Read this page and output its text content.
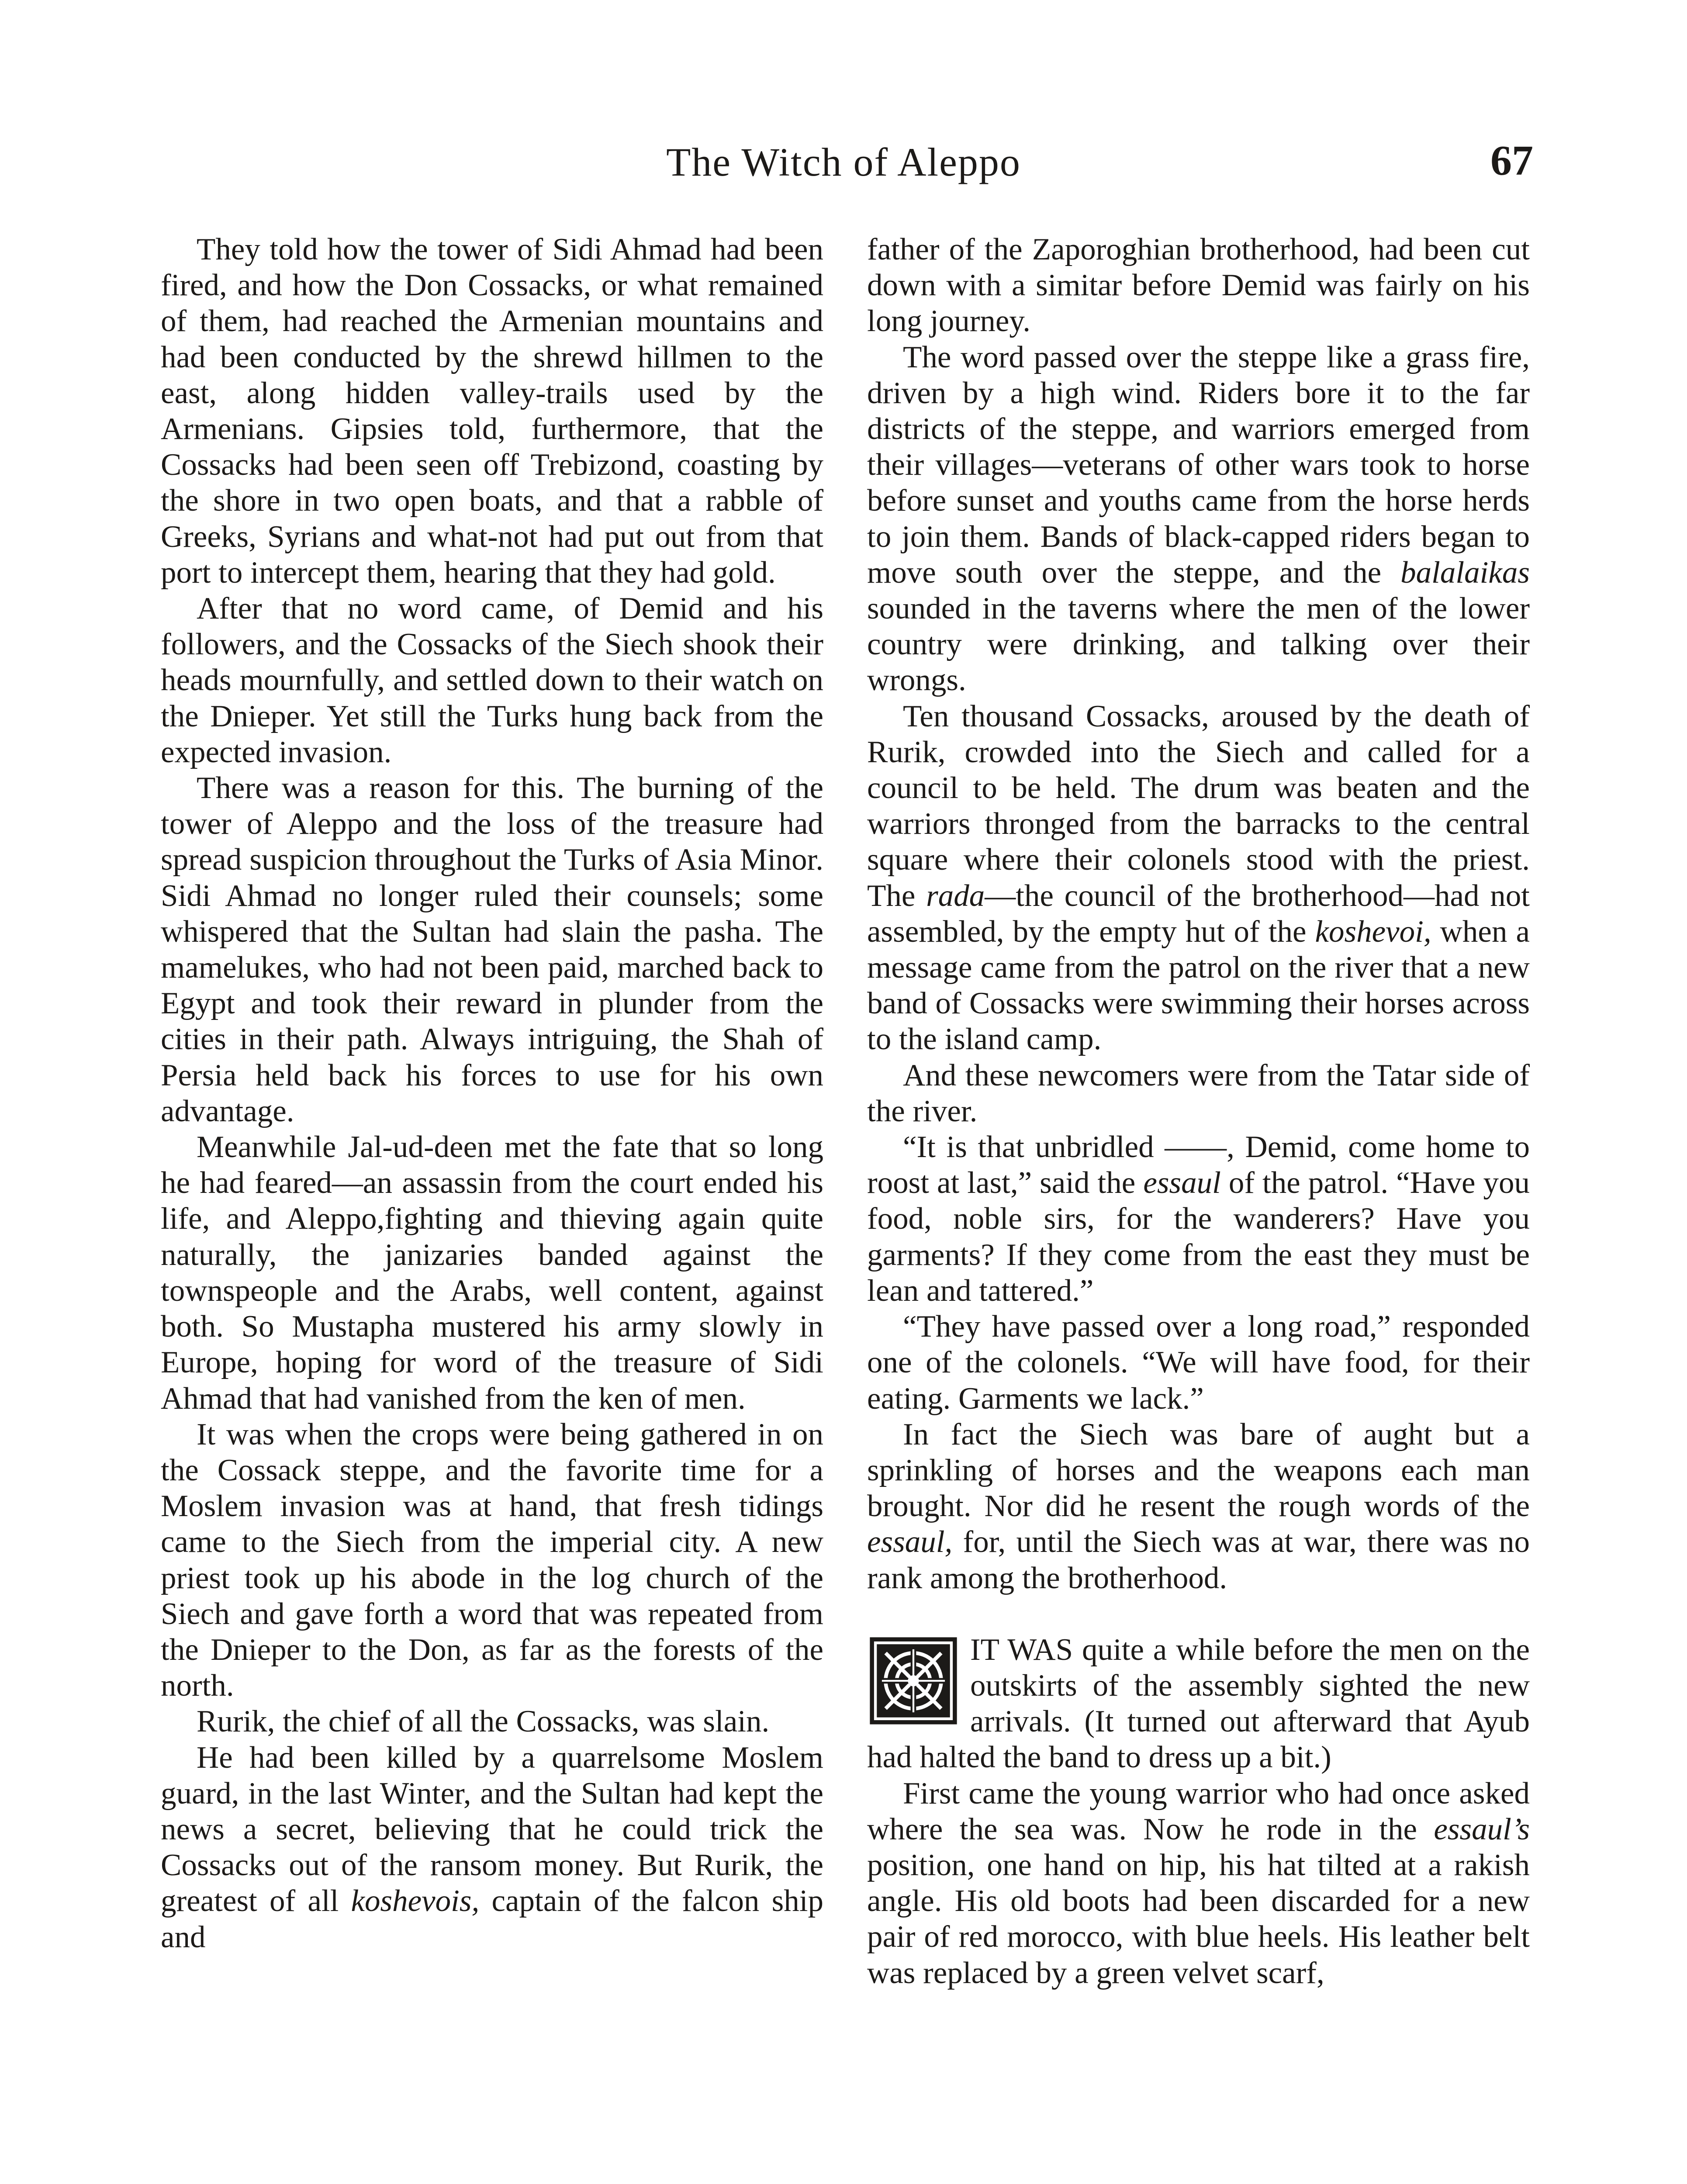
The Witch of Aleppo	67

They told how the tower of Sidi Ahmad had been fired, and how the Don Cossacks, or what remained of them, had reached the Armenian mountains and had been conducted by the shrewd hillmen to the east, along hidden valley-trails used by the Armenians. Gipsies told, furthermore, that the Cossacks had been seen off Trebizond, coasting by the shore in two open boats, and that a rabble of Greeks, Syrians and what-not had put out from that port to intercept them, hearing that they had gold.

After that no word came, of Demid and his followers, and the Cossacks of the Siech shook their heads mournfully, and settled down to their watch on the Dnieper. Yet still the Turks hung back from the expected invasion.

There was a reason for this. The burning of the tower of Aleppo and the loss of the treasure had spread suspicion throughout the Turks of Asia Minor. Sidi Ahmad no longer ruled their counsels; some whispered that the Sultan had slain the pasha. The mamelukes, who had not been paid, marched back to Egypt and took their reward in plunder from the cities in their path. Always intriguing, the Shah of Persia held back his forces to use for his own advantage.

Meanwhile Jal-ud-deen met the fate that so long he had feared—an assassin from the court ended his life, and Aleppo,fighting and thieving again quite naturally, the janizaries banded against the townspeople and the Arabs, well content, against both. So Mustapha mustered his army slowly in Europe, hoping for word of the treasure of Sidi Ahmad that had vanished from the ken of men.

It was when the crops were being gathered in on the Cossack steppe, and the favorite time for a Moslem invasion was at hand, that fresh tidings came to the Siech from the imperial city. A new priest took up his abode in the log church of the Siech and gave forth a word that was repeated from the Dnieper to the Don, as far as the forests of the north.

Rurik, the chief of all the Cossacks, was slain.

He had been killed by a quarrelsome Moslem guard, in the last Winter, and the Sultan had kept the news a secret, believing that he could trick the Cossacks out of the ransom money. But Rurik, the greatest of all koshevois, captain of the falcon ship and

father of the Zaporoghian brotherhood, had been cut down with a simitar before Demid was fairly on his long journey.

The word passed over the steppe like a grass fire, driven by a high wind. Riders bore it to the far districts of the steppe, and warriors emerged from their villages—veterans of other wars took to horse before sunset and youths came from the horse herds to join them. Bands of black-capped riders began to move south over the steppe, and the balalaikas sounded in the taverns where the men of the lower country were drinking, and talking over their wrongs.

Ten thousand Cossacks, aroused by the death of Rurik, crowded into the Siech and called for a council to be held. The drum was beaten and the warriors thronged from the barracks to the central square where their colonels stood with the priest. The rada—the council of the brotherhood—had not assembled, by the empty hut of the koshevoi, when a message came from the patrol on the river that a new band of Cossacks were swimming their horses across to the island camp.

And these newcomers were from the Tatar side of the river.

“It is that unbridled ——, Demid, come home to roost at last,” said the essaul of the patrol. “Have you food, noble sirs, for the wanderers? Have you garments? If they come from the east they must be lean and tattered.”

“They have passed over a long road,” responded one of the colonels. “We will have food, for their eating. Garments we lack.”

In fact the Siech was bare of aught but a sprinkling of horses and the weapons each man brought. Nor did he resent the rough words of the essaul, for, until the Siech was at war, there was no rank among the brotherhood.

IT WAS quite a while before the men on the outskirts of the assembly sighted the new arrivals. (It turned out afterward that Ayub had halted the band to dress up a bit.)

First came the young warrior who had once asked where the sea was. Now he rode in the essaul’s position, one hand on hip, his hat tilted at a rakish angle. His old boots had been discarded for a new pair of red morocco, with blue heels. His leather belt was replaced by a green velvet scarf,
